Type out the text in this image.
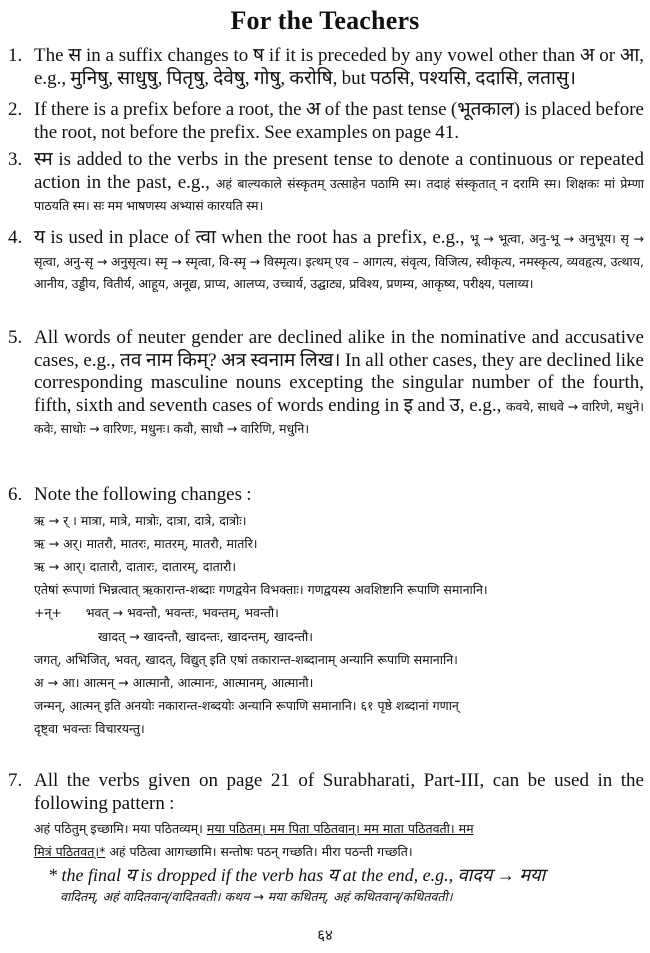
For the Teachers
1. The स in a suffix changes to ष if it is preceded by any vowel other than अ or आ, e.g., मुनिषु, साधुषु, पितृषु, देवेषु, गोषु, करोषि, but पठसि, पश्यसि, ददासि, लतासु।
2. If there is a prefix before a root, the अ of the past tense (भूतकाल) is placed before the root, not before the prefix. See examples on page 41.
3. स्म is added to the verbs in the present tense to denote a continuous or repeated action in the past, e.g., अहं बाल्यकाले संस्कृतम् उत्साहेन पठामि स्म। तदाहं संस्कृतात् न दरामि स्म। शिक्षकः मां प्रेम्णा पाठयति स्म। सः मम भाषणस्य अभ्यासं कारयति स्म।
4. य is used in place of त्वा when the root has a prefix, e.g., भू → भूत्वा, अनु-भू → अनुभूय। सृ → सृत्वा, अनु-सृ → अनुसृत्य। स्मृ → स्मृत्वा, वि-स्मृ → विस्मृत्य। इत्थम् एव – आगत्य, संवृत्य, विजित्य, स्वीकृत्य, नमस्कृत्य, व्यवहृत्य, उत्थाय, आनीय, उड्डीय, वितीर्य, आहूय, अनूद्य, प्राप्य, आलप्य, उच्चार्य, उद्घाट्य, प्रविश्य, प्रणम्य, आकृष्य, परीक्ष्य, पलाय्य।
5. All words of neuter gender are declined alike in the nominative and accusative cases, e.g., तव नाम किम्? अत्र स्वनाम लिख। In all other cases, they are declined like corresponding masculine nouns excepting the singular number of the fourth, fifth, sixth and seventh cases of words ending in इ and उ, e.g., कवये, साधवे → वारिणे, मधुने। कवेः, साधोः → वारिणः, मधुनः। कवौ, साधौ → वारिणि, मधुनि।
6. Note the following changes :
ऋ → र् । मात्रा, मात्रे, मात्रोः, दात्रा, दात्रे, दात्रोः।
ऋ → अर्। मातरौ, मातरः, मातरम्, मातरौ, मातरि।
ऋ → आर्। दातारौ, दातारः, दातारम्, दातारौ।
एतेषां रूपाणां भिन्नत्वात् ऋकारान्त-शब्दाः गणद्वयेन विभक्ताः। गणद्वयस्य अवशिष्टानि रूपाणि समानानि।
+न्+      भवत् → भवन्तौ, भवन्तः, भवन्तम्, भवन्तौ।
खादत् → खादन्तौ, खादन्तः, खादन्तम्, खादन्तौ।
जगत्, अभिजित्, भवत्, खादत्, विद्युत् इति एषां तकारान्त-शब्दानाम् अन्यानि रूपाणि समानानि।
अ → आ। आत्मन् → आत्मानौ, आत्मानः, आत्मानम्, आत्मानौ।
जन्मन्, आत्मन् इति अनयोः नकारान्त-शब्दयोः अन्यानि रूपाणि समानानि। ६१ पृष्ठे शब्दानां गणान्
दृष्ट्वा भवन्तः विचारयन्तु।
7. All the verbs given on page 21 of Surabharati, Part-III, can be used in the following pattern :
अहं पठितुम् इच्छामि। मया पठितव्यम्। मया पठितम्। मम पिता पठितवान्। मम माता पठितवती। मम
मित्रं पठितवत्।* अहं पठित्वा आगच्छामि। सन्तोषः पठन् गच्छति। मीरा पठन्ती गच्छति।
* the final य is dropped if the verb has य at the end, e.g., वादय → मया
वादितम्, अहं वादितवान्/वादितवती। कथय → मया कथितम्, अहं कथितवान्/कथितवती।
६४
